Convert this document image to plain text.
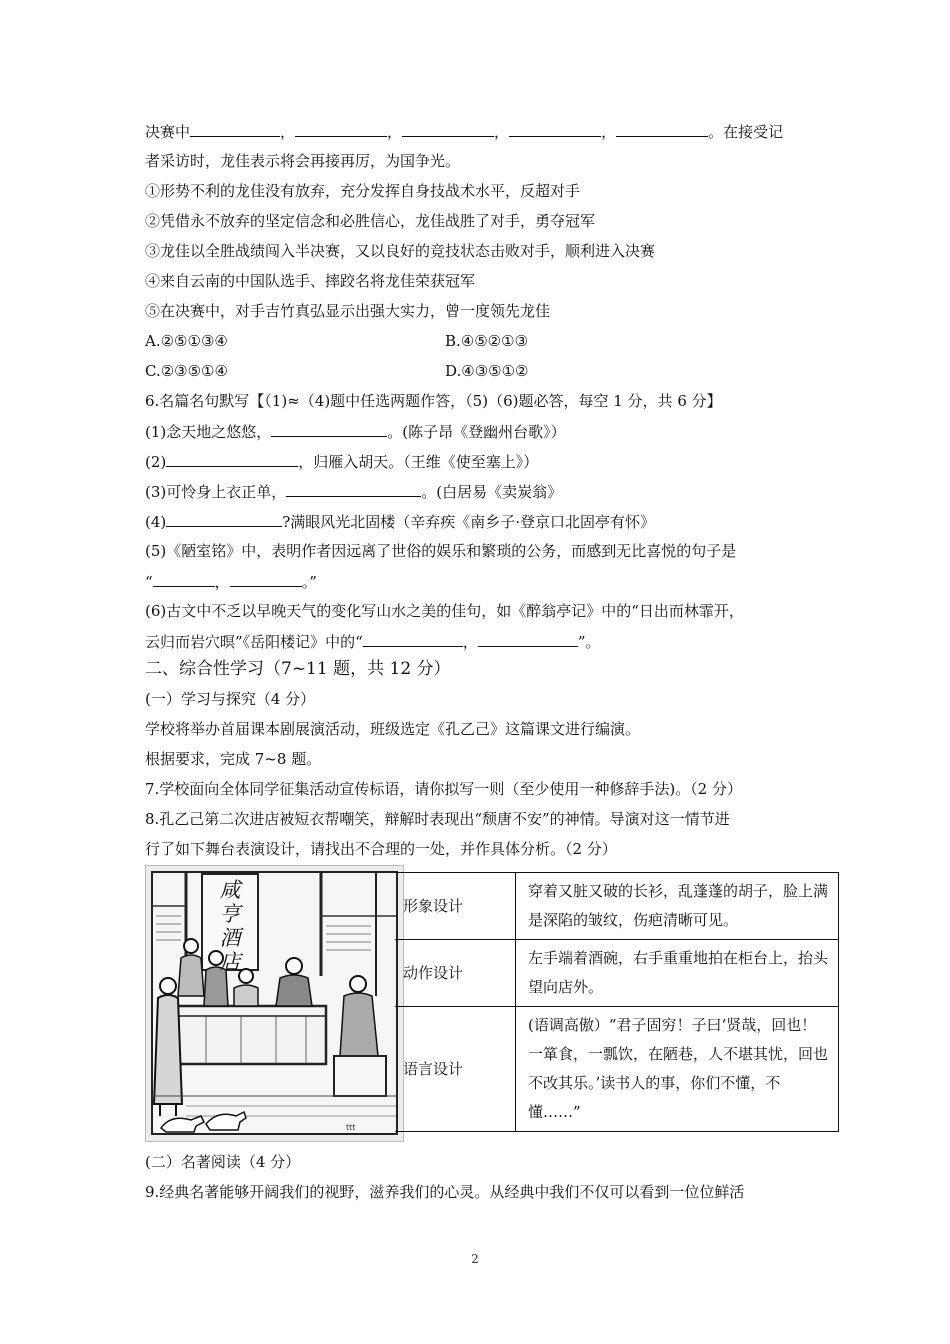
决赛中	，	，	，	，	。在接受记
者采访时，龙佳表示将会再接再厉，为国争光。
①形势不利的龙佳没有放弃，充分发挥自身技战术水平，反超对手
②凭借永不放弃的坚定信念和必胜信心，龙佳战胜了对手，勇夺冠军
③龙佳以全胜战绩闯入半决赛，又以良好的竞技状态击败对手，顺利进入决赛
④来自云南的中国队选手、摔跤名将龙佳荣获冠军
⑤在决赛中，对手吉竹真弘显示出强大实力，曾一度领先龙佳
A.②⑤①③④	B.④⑤②①③
C.②③⑤①④	D.④③⑤①②
6.名篇名句默写【（1)≈（4)题中任选两题作答，（5)（6)题必答，每空 1 分，共 6 分】
(1)念天地之悠悠，	。(陈子昂《登幽州台歌》）
(2)	，归雁入胡天。（王维《使至塞上》）
(3)可怜身上衣正单，	。(白居易《卖炭翁》
(4)	?满眼风光北固楼（辛弃疾《南乡子·登京口北固亭有怀》
(5)《陋室铭》中，表明作者因远离了世俗的娱乐和繁琐的公务，而感到无比喜悦的句子是
“	，	。”
(6)古文中不乏以早晚天气的变化写山水之美的佳句，如《醉翁亭记》中的“日出而林霏开，
云归而岩穴暝”《岳阳楼记》中的“	，	”。
二、综合性学习（7~11 题，共 12 分）
(一）学习与探究（4 分）
学校将举办首届课本剧展演活动，班级选定《孔乙己》这篇课文进行编演。
根据要求，完成 7~8 题。
7.学校面向全体同学征集活动宣传标语，请你拟写一则（至少使用一种修辞手法)。（2 分）
8.孔乙己第二次进店被短衣帮嘲笑，辩解时表现出“颓唐不安”的神情。导演对这一情节进
行了如下舞台表演设计，请找出不合理的一处，并作具体分析。（2 分）
ttt
咸
亨
酒
店
形象设计	穿着又脏又破的长衫，乱蓬蓬的胡子，脸上满是深陷的皱纹，伤疤清晰可见。
动作设计	左手端着酒碗，右手重重地拍在柜台上，抬头望向店外。
语言设计	(语调高傲）“君子固穷！子曰‘贤哉，回也！一箪食，一瓢饮，在陋巷，人不堪其忧，回也不改其乐。’读书人的事，你们不懂，不懂……”
(二）名著阅读（4 分）
9.经典名著能够开阔我们的视野，滋养我们的心灵。从经典中我们不仅可以看到一位位鲜活
2
